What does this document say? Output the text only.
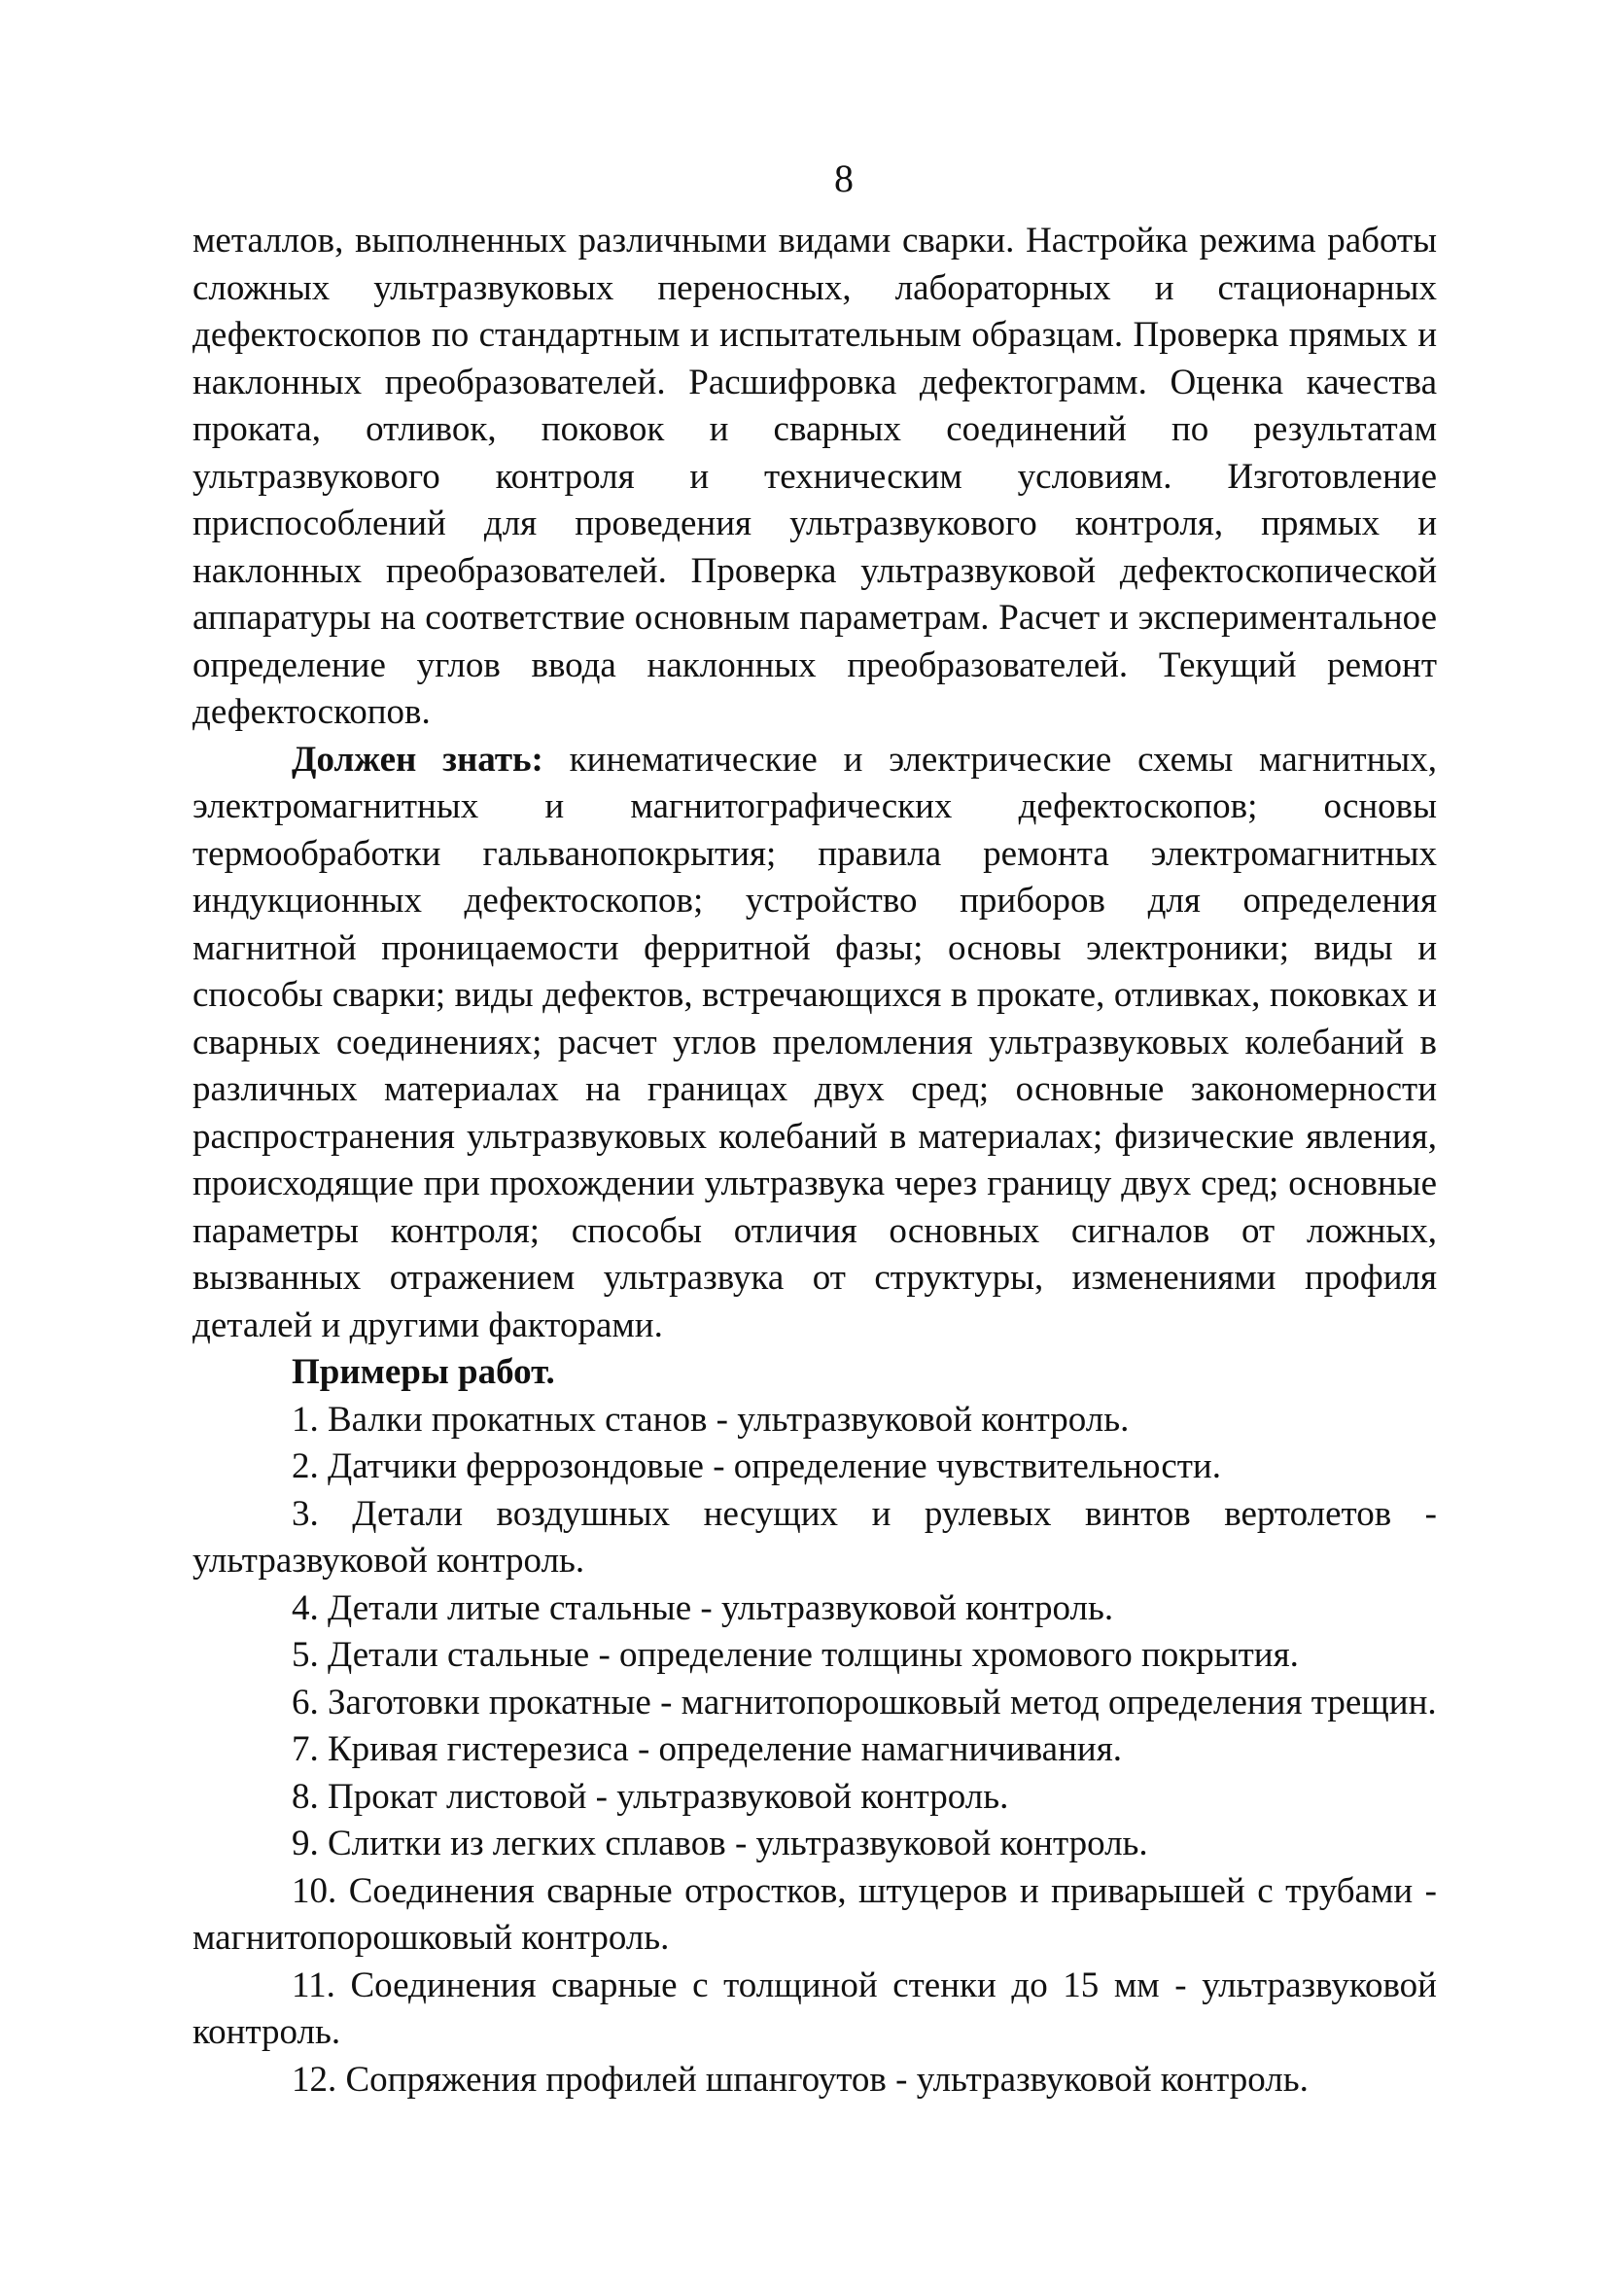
8

металлов, выполненных различными видами сварки. Настройка режима работы сложных ультразвуковых переносных, лабораторных и стационарных дефектоскопов по стандартным и испытательным образцам. Проверка прямых и наклонных преобразователей. Расшифровка дефектограмм. Оценка качества проката, отливок, поковок и сварных соединений по результатам ультразвукового контроля и техническим условиям. Изготовление приспособлений для проведения ультразвукового контроля, прямых и наклонных преобразователей. Проверка ультразвуковой дефектоскопической аппаратуры на соответствие основным параметрам. Расчет и экспериментальное определение углов ввода наклонных преобразователей. Текущий ремонт дефектоскопов.

Должен знать: кинематические и электрические схемы магнитных, электромагнитных и магнитографических дефектоскопов; основы термообработки гальванопокрытия; правила ремонта электромагнитных индукционных дефектоскопов; устройство приборов для определения магнитной проницаемости ферритной фазы; основы электроники; виды и способы сварки; виды дефектов, встречающихся в прокате, отливках, поковках и сварных соединениях; расчет углов преломления ультразвуковых колебаний в различных материалах на границах двух сред; основные закономерности распространения ультразвуковых колебаний в материалах; физические явления, происходящие при прохождении ультразвука через границу двух сред; основные параметры контроля; способы отличия основных сигналов от ложных, вызванных отражением ультразвука от структуры, изменениями профиля деталей и другими факторами.

Примеры работ.

1. Валки прокатных станов - ультразвуковой контроль.

2. Датчики феррозондовые - определение чувствительности.

3. Детали воздушных несущих и рулевых винтов вертолетов - ультразвуковой контроль.

4. Детали литые стальные - ультразвуковой контроль.

5. Детали стальные - определение толщины хромового покрытия.

6. Заготовки прокатные - магнитопорошковый метод определения трещин.

7. Кривая гистерезиса - определение намагничивания.

8. Прокат листовой - ультразвуковой контроль.

9. Слитки из легких сплавов - ультразвуковой контроль.

10. Соединения сварные отростков, штуцеров и приварышей с трубами - магнитопорошковый контроль.

11. Соединения сварные с толщиной стенки до 15 мм - ультразвуковой контроль.

12. Сопряжения профилей шпангоутов - ультразвуковой контроль.
